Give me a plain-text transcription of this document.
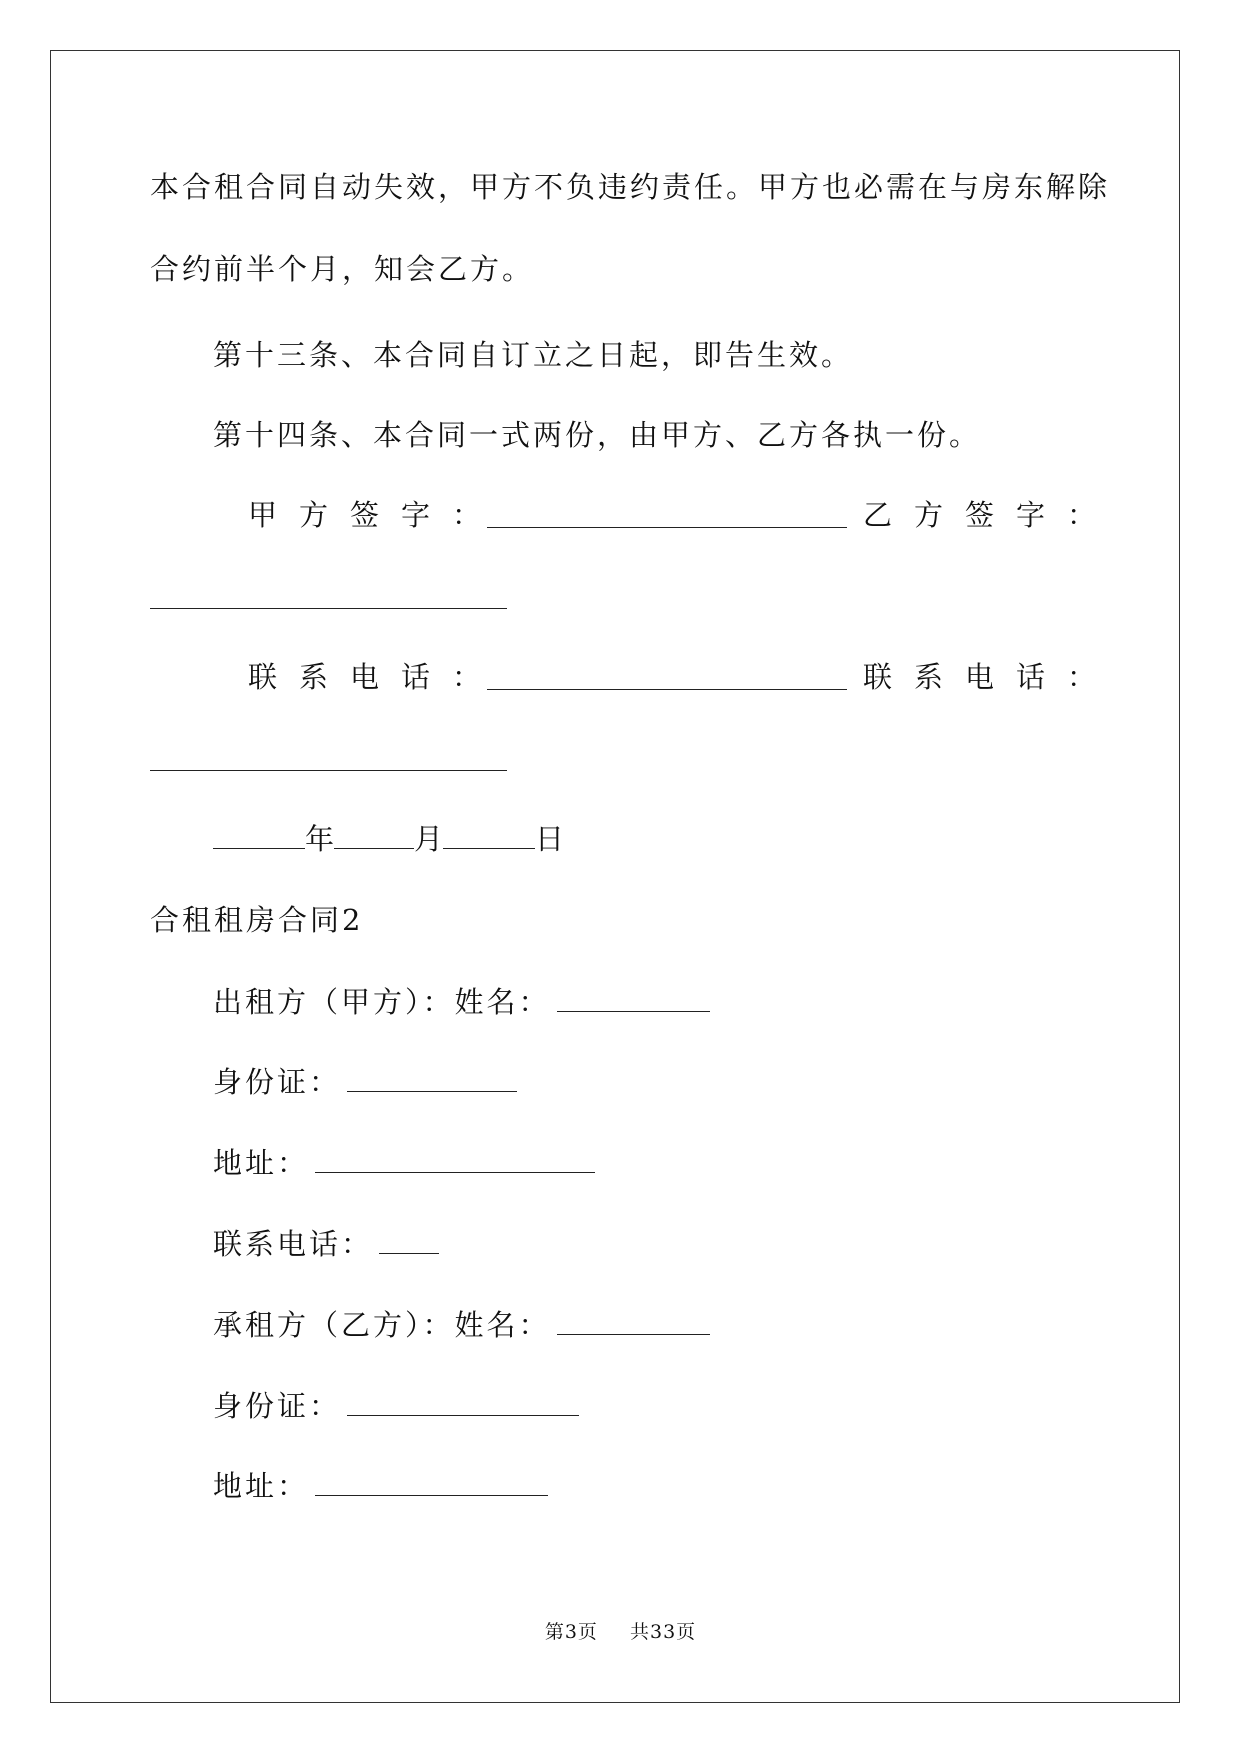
本合租合同自动失效，甲方不负违约责任。甲方也必需在与房东解除
合约前半个月，知会乙方。
第十三条、本合同自订立之日起，即告生效。
第十四条、本合同一式两份，由甲方、乙方各执一份。
甲方签字：	乙方签字：
联系电话：	联系电话：
年	月	日
合租租房合同2
出租方（甲方）：姓名：
身份证：
地址：
联系电话：
承租方（乙方）：姓名：
身份证：
地址：
第3页 共33页
